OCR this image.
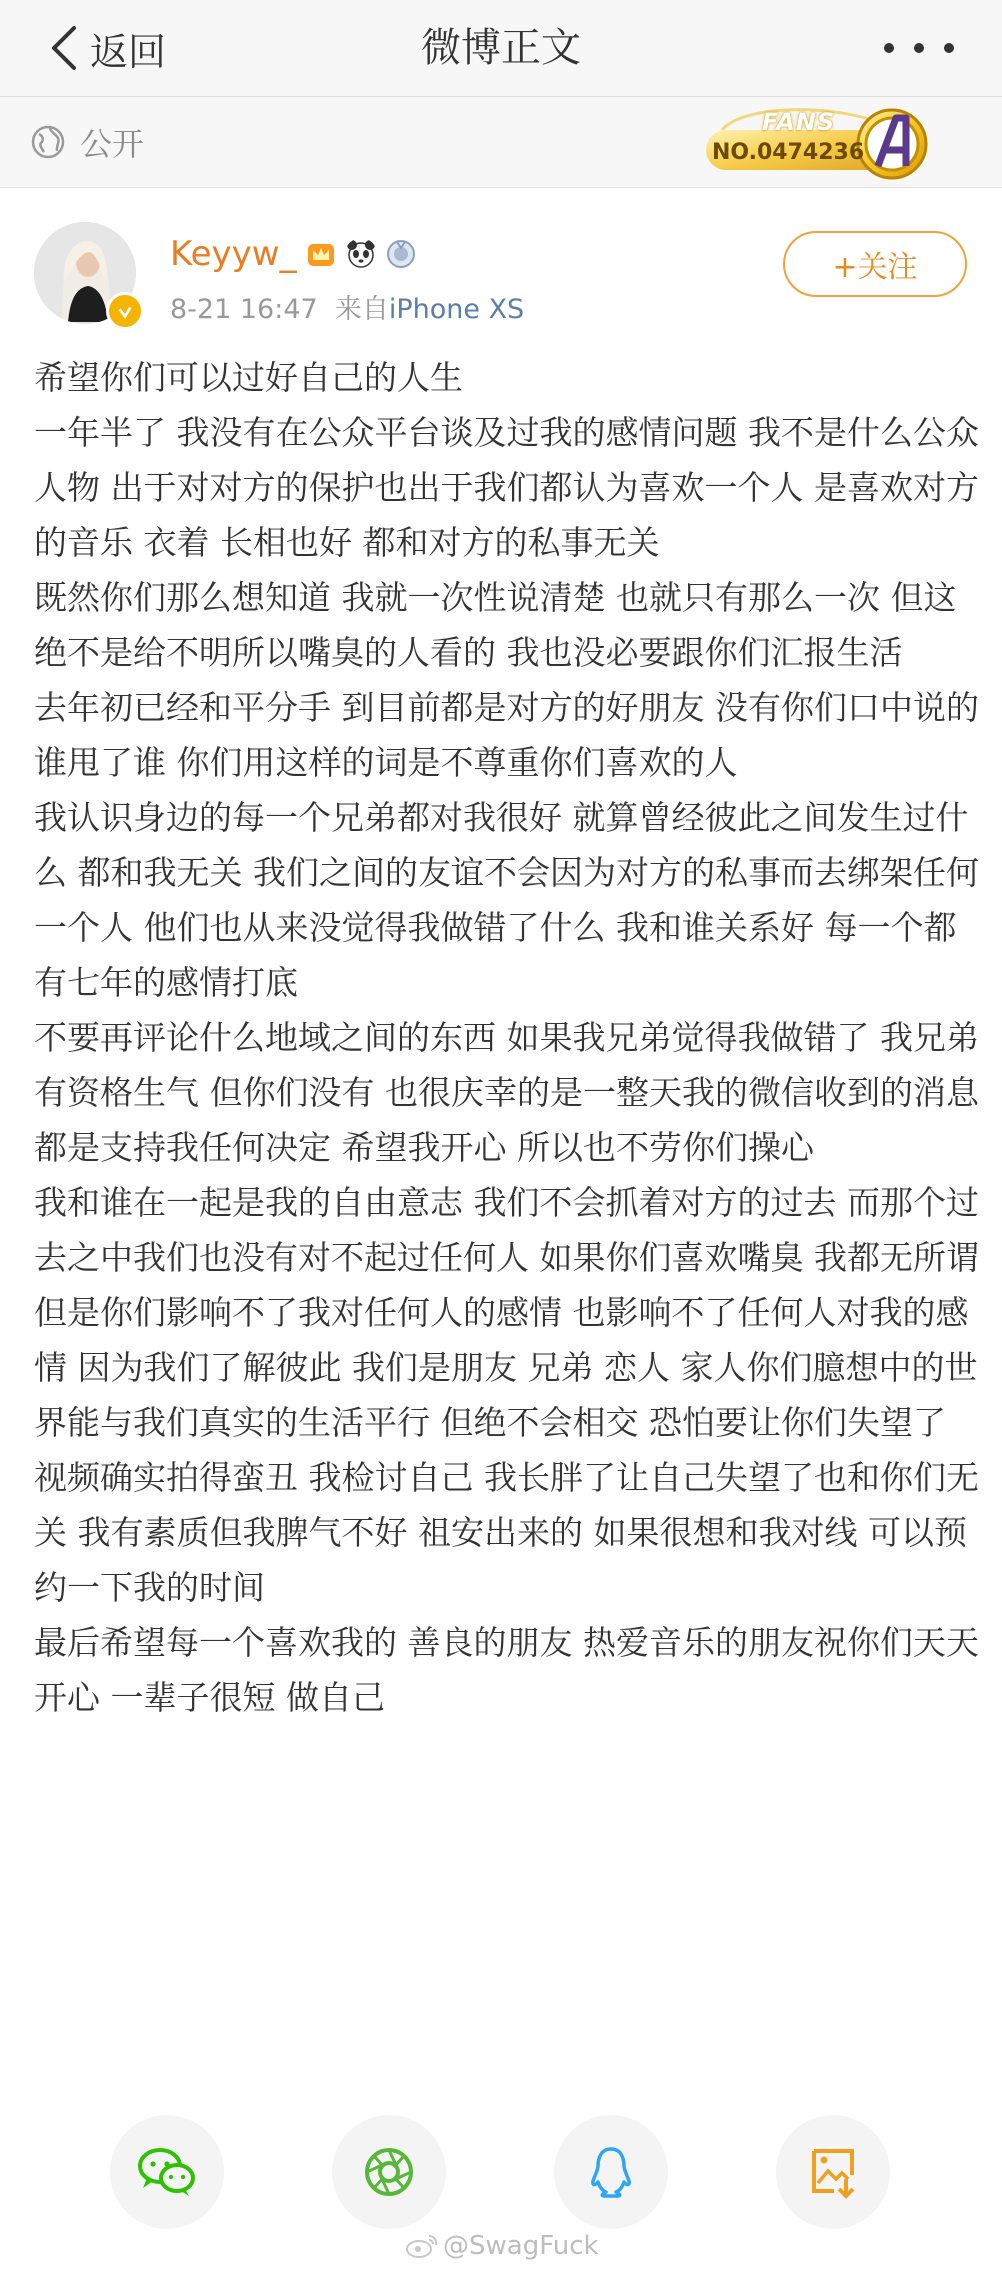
返回	微博正文
公开
FANS
NO.0474236
Keyyw_
8-21 16:47 来自iPhone XS
+关注

希望你们可以过好自己的人生

一年半了 我没有在公众平台谈及过我的感情问题 我不是什么公众人物 出于对对方的保护也出于我们都认为喜欢一个人 是喜欢对方的音乐 衣着 长相也好 都和对方的私事无关

既然你们那么想知道 我就一次性说清楚 也就只有那么一次 但这绝不是给不明所以嘴臭的人看的 我也没必要跟你们汇报生活

去年初已经和平分手 到目前都是对方的好朋友 没有你们口中说的谁甩了谁 你们用这样的词是不尊重你们喜欢的人

我认识身边的每一个兄弟都对我很好 就算曾经彼此之间发生过什么 都和我无关 我们之间的友谊不会因为对方的私事而去绑架任何一个人 他们也从来没觉得我做错了什么 我和谁关系好 每一个都有七年的感情打底

不要再评论什么地域之间的东西 如果我兄弟觉得我做错了 我兄弟有资格生气 但你们没有 也很庆幸的是一整天我的微信收到的消息都是支持我任何决定 希望我开心 所以也不劳你们操心

我和谁在一起是我的自由意志 我们不会抓着对方的过去 而那个过去之中我们也没有对不起过任何人 如果你们喜欢嘴臭 我都无所谓 但是你们影响不了我对任何人的感情 也影响不了任何人对我的感情 因为我们了解彼此 我们是朋友 兄弟 恋人 家人你们臆想中的世界能与我们真实的生活平行 但绝不会相交 恐怕要让你们失望了

视频确实拍得蛮丑 我检讨自己 我长胖了让自己失望了也和你们无关 我有素质但我脾气不好 祖安出来的 如果很想和我对线 可以预约一下我的时间

最后希望每一个喜欢我的 善良的朋友 热爱音乐的朋友祝你们天天开心 一辈子很短 做自己

@SwagFuck
